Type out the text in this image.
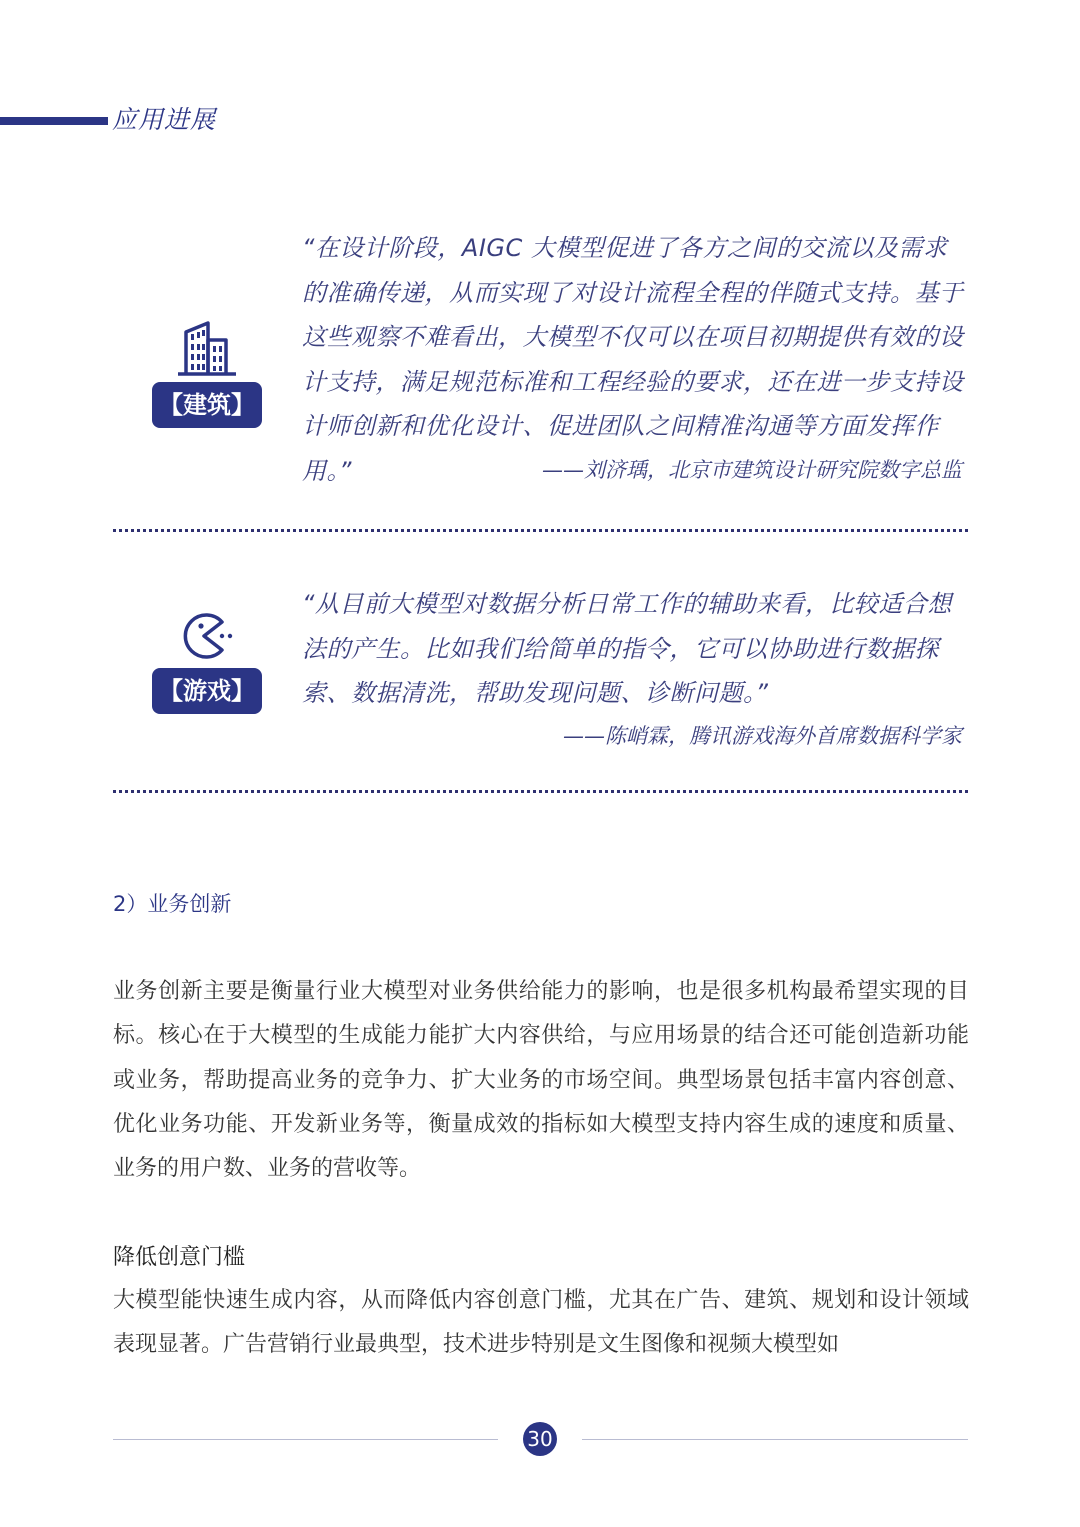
应用进展
【建筑】
“在设计阶段，AIGC 大模型促进了各方之间的交流以及需求的准确传递，从而实现了对设计流程全程的伴随式支持。基于这些观察不难看出，大模型不仅可以在项目初期提供有效的设计支持，满足规范标准和工程经验的要求，还在进一步支持设计师创新和优化设计、促进团队之间精准沟通等方面发挥作用。”	——刘济瑀，北京市建筑设计研究院数字总监
【游戏】
“从目前大模型对数据分析日常工作的辅助来看，比较适合想法的产生。比如我们给简单的指令，它可以协助进行数据探索、数据清洗，帮助发现问题、诊断问题。”
——陈峭霖，腾讯游戏海外首席数据科学家
2）业务创新
业务创新主要是衡量行业大模型对业务供给能力的影响，也是很多机构最希望实现的目标。核心在于大模型的生成能力能扩大内容供给，与应用场景的结合还可能创造新功能或业务，帮助提高业务的竞争力、扩大业务的市场空间。典型场景包括丰富内容创意、优化业务功能、开发新业务等，衡量成效的指标如大模型支持内容生成的速度和质量、业务的用户数、业务的营收等。
降低创意门槛
大模型能快速生成内容，从而降低内容创意门槛，尤其在广告、建筑、规划和设计领域表现显著。广告营销行业最典型，技术进步特别是文生图像和视频大模型如
30
